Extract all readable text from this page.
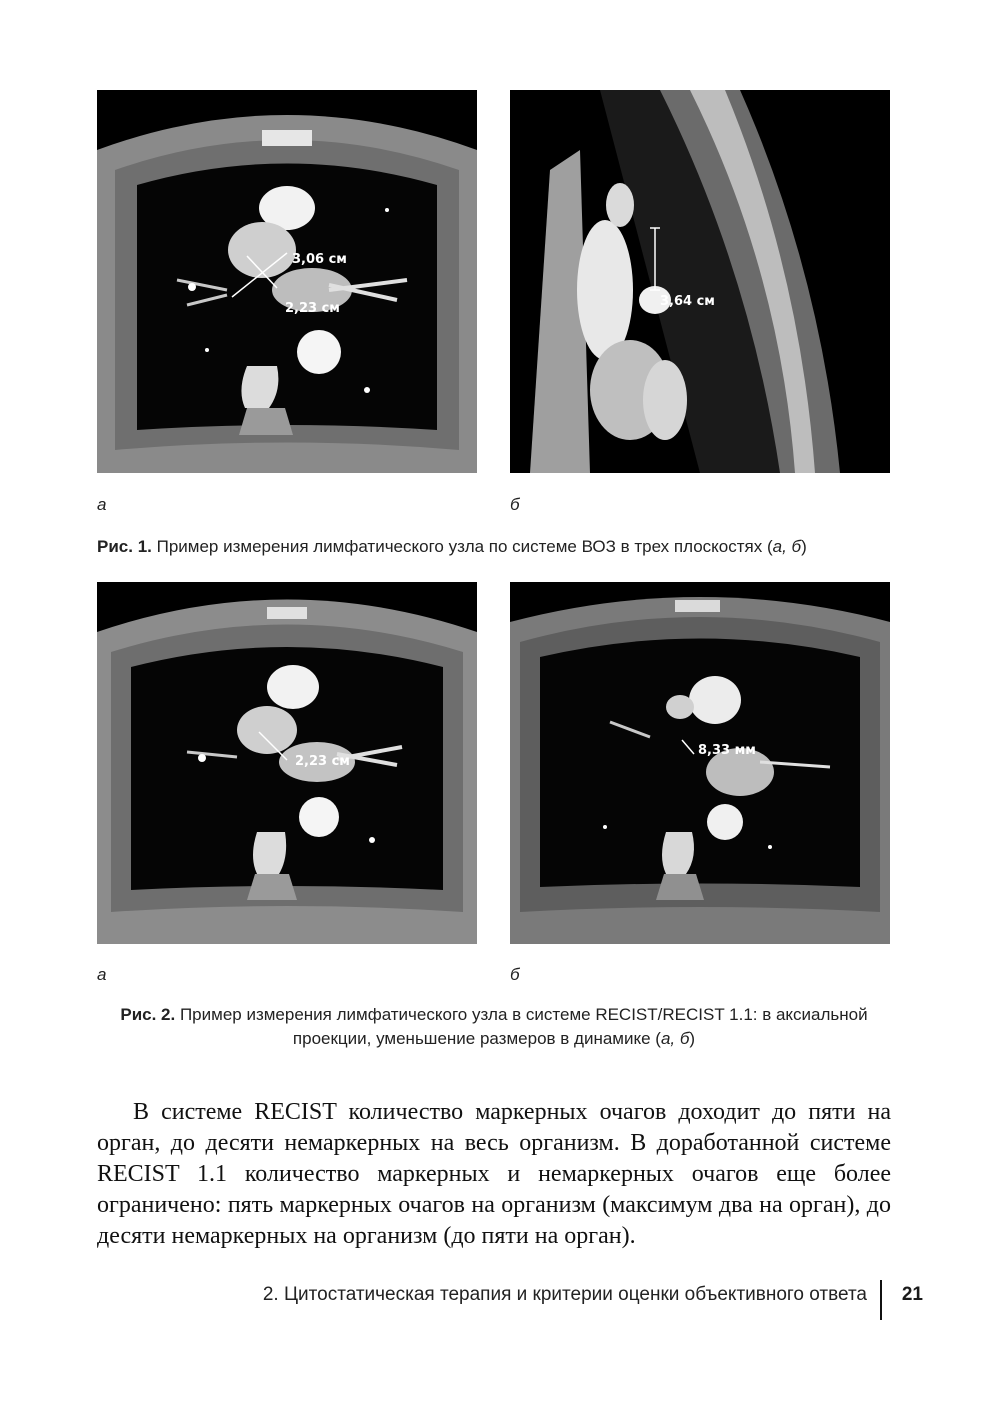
3,06 см
2,23 см	3,64 см
а	б
Рис. 1. Пример измерения лимфатического узла по системе ВОЗ в трех плоскостях (а, б)
2,23 см
8,33 мм
а	б
Рис. 2. Пример измерения лимфатического узла в системе RECIST/RECIST 1.1: в аксиальной проекции, уменьшение размеров в динамике (а, б)

В системе RECIST количество маркерных очагов доходит до пяти на орган, до десяти немаркерных на весь организм. В доработанной системе RECIST 1.1 количество маркерных и немаркерных очагов еще более ограничено: пять маркерных очагов на организм (максимум два на орган), до десяти немаркерных на организм (до пяти на орган).

2. Цитостатическая терапия и критерии оценки объективного ответа 21
